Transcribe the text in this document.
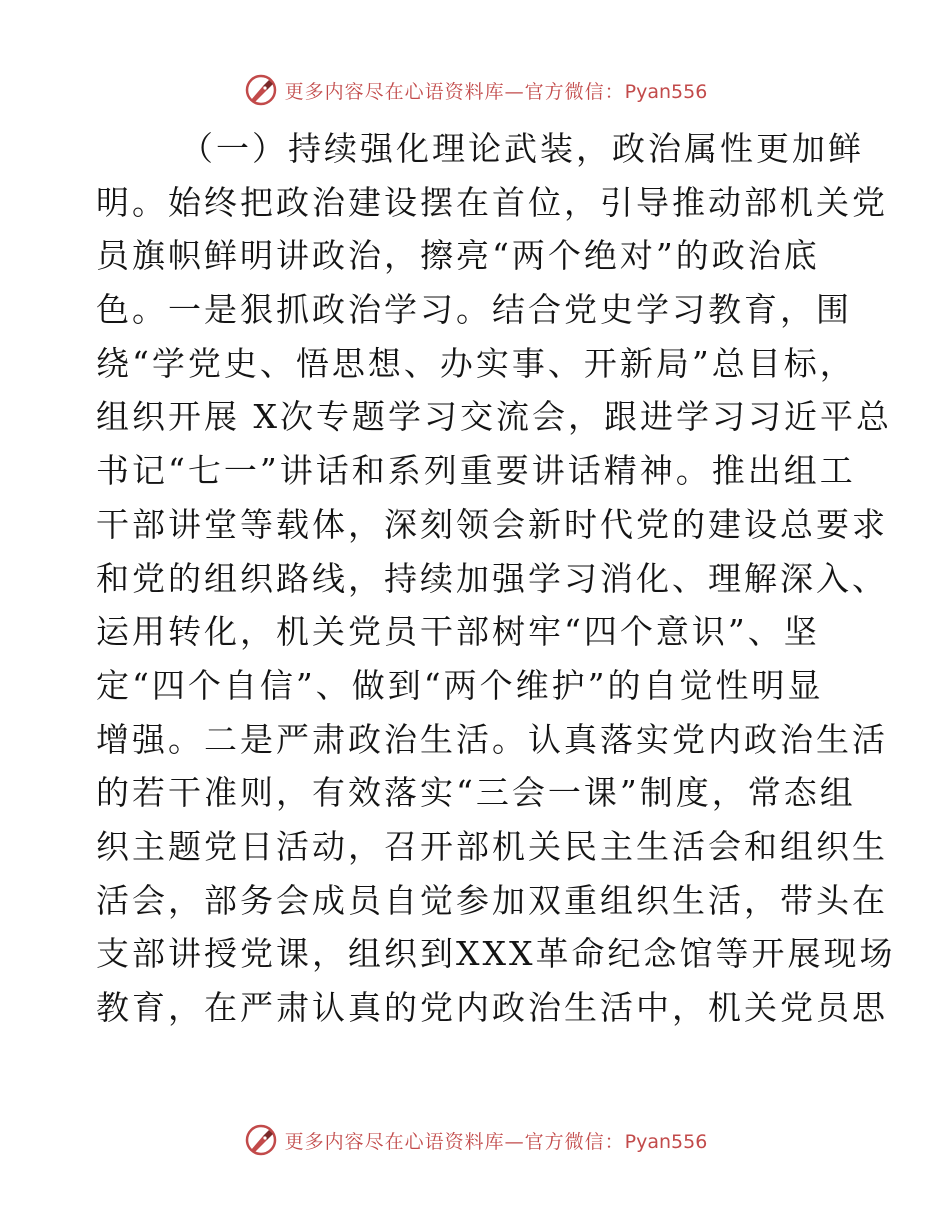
更多内容尽在心语资料库—官方微信：Pyan556
（一）持续强化理论武装，政治属性更加鲜
明。始终把政治建设摆在首位，引导推动部机关党
员旗帜鲜明讲政治，擦亮“两个绝对”的政治底
色。一是狠抓政治学习。结合党史学习教育，围
绕“学党史、悟思想、办实事、开新局”总目标，
组织开展 X次专题学习交流会，跟进学习习近平总
书记“七一”讲话和系列重要讲话精神。推出组工
干部讲堂等载体，深刻领会新时代党的建设总要求
和党的组织路线，持续加强学习消化、理解深入、
运用转化，机关党员干部树牢“四个意识”、坚
定“四个自信”、做到“两个维护”的自觉性明显
增强。二是严肃政治生活。认真落实党内政治生活
的若干准则，有效落实“三会一课”制度，常态组
织主题党日活动，召开部机关民主生活会和组织生
活会，部务会成员自觉参加双重组织生活，带头在
支部讲授党课，组织到XXX革命纪念馆等开展现场
教育，在严肃认真的党内政治生活中，机关党员思
更多内容尽在心语资料库—官方微信：Pyan556
